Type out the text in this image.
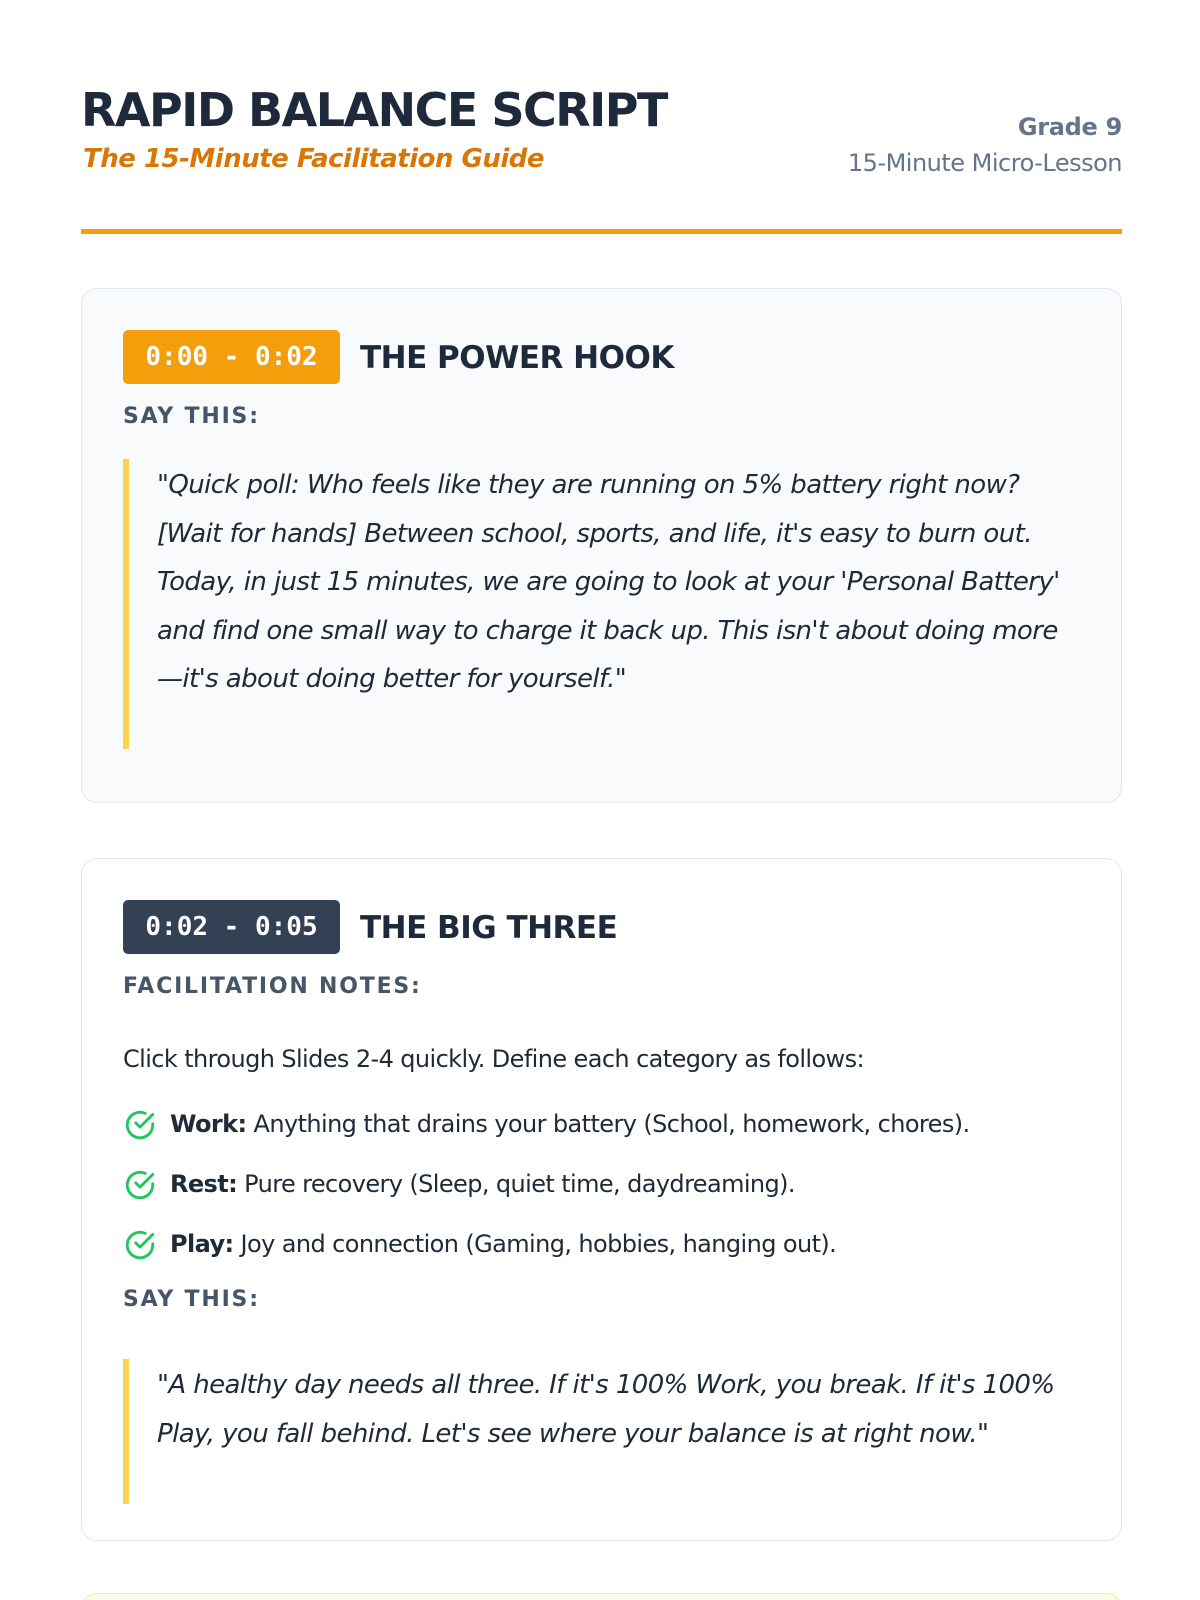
RAPID BALANCE SCRIPT
The 15-Minute Facilitation Guide
Grade 9
15-Minute Micro-Lesson
0:00 - 0:02	THE POWER HOOK
SAY THIS:
"Quick poll: Who feels like they are running on 5% battery right now? [Wait for hands] Between school, sports, and life, it's easy to burn out. Today, in just 15 minutes, we are going to look at your 'Personal Battery' and find one small way to charge it back up. This isn't about doing more—it's about doing better for yourself."
0:02 - 0:05	THE BIG THREE
FACILITATION NOTES:

Click through Slides 2-4 quickly. Define each category as follows:

Work: Anything that drains your battery (School, homework, chores).
Rest: Pure recovery (Sleep, quiet time, daydreaming).
Play: Joy and connection (Gaming, hobbies, hanging out).
SAY THIS:
"A healthy day needs all three. If it's 100% Work, you break. If it's 100% Play, you fall behind. Let's see where your balance is at right now."
